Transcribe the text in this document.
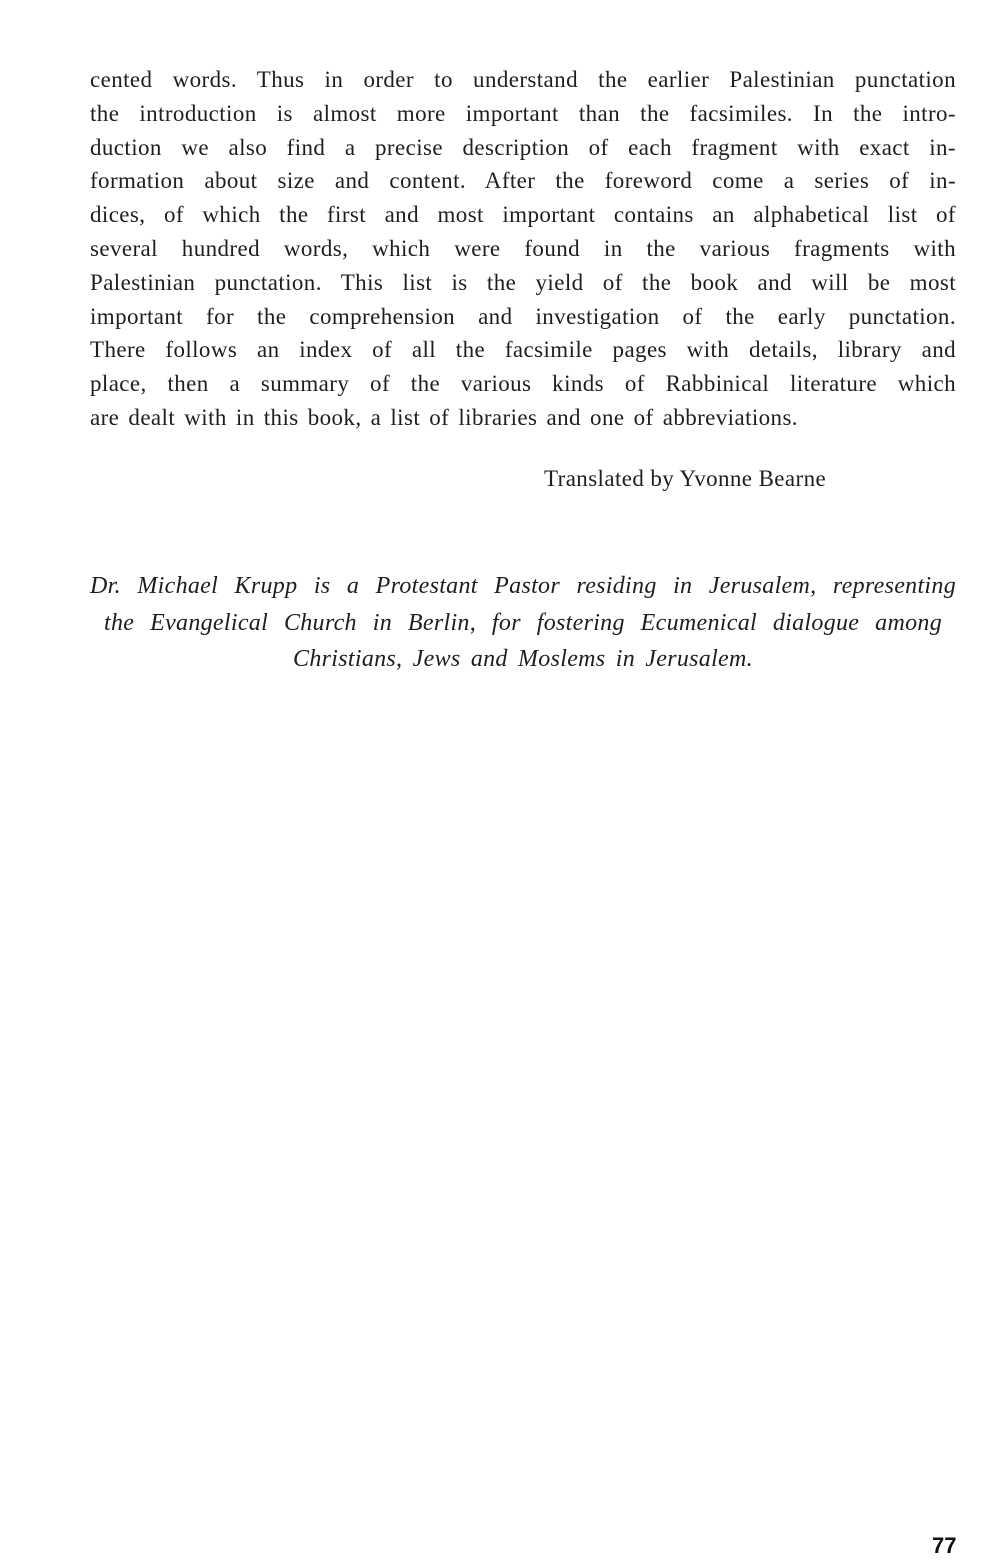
cented words. Thus in order to understand the earlier Palestinian punctation
the introduction is almost more important than the facsimiles. In the intro-
duction we also find a precise description of each fragment with exact in-
formation about size and content. After the foreword come a series of in-
dices, of which the first and most important contains an alphabetical list of
several hundred words, which were found in the various fragments with
Palestinian punctation. This list is the yield of the book and will be most
important for the comprehension and investigation of the early punctation.
There follows an index of all the facsimile pages with details, library and
place, then a summary of the various kinds of Rabbinical literature which
are dealt with in this book, a list of libraries and one of abbreviations.

Translated by Yvonne Bearne

Dr. Michael Krupp is a Protestant Pastor residing in Jerusalem, representing
the Evangelical Church in Berlin, for fostering Ecumenical dialogue among
Christians, Jews and Moslems in Jerusalem.

77
